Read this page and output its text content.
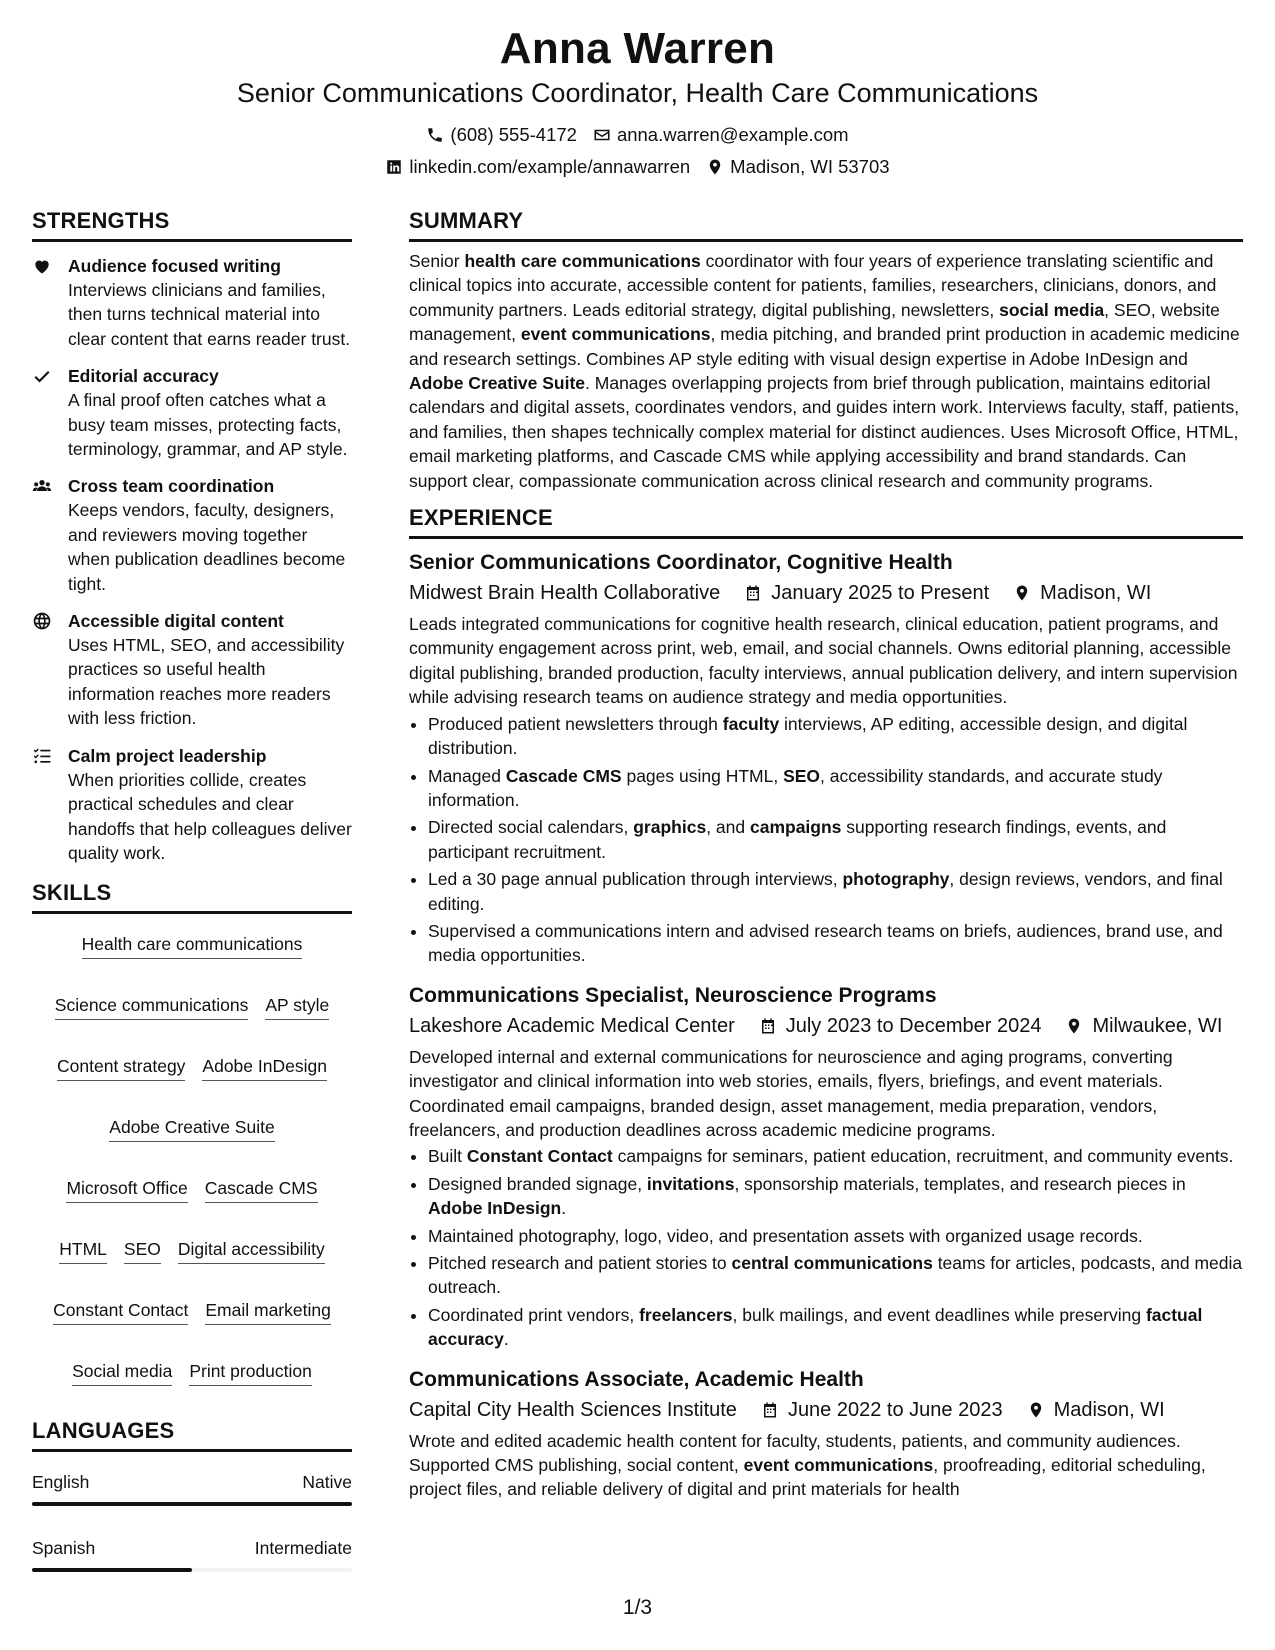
Anna Warren
Senior Communications Coordinator, Health Care Communications
(608) 555-4172 anna.warren@example.com
linkedin.com/example/annawarren Madison, WI 53703
STRENGTHS
Audience focused writing
Interviews clinicians and families, then turns technical material into clear content that earns reader trust.
Editorial accuracy
A final proof often catches what a busy team misses, protecting facts, terminology, grammar, and AP style.
Cross team coordination
Keeps vendors, faculty, designers, and reviewers moving together when publication deadlines become tight.
Accessible digital content
Uses HTML, SEO, and accessibility practices so useful health information reaches more readers with less friction.
Calm project leadership
When priorities collide, creates practical schedules and clear handoffs that help colleagues deliver quality work.
SKILLS
Health care communications
Science communications AP style
Content strategy Adobe InDesign
Adobe Creative Suite
Microsoft Office Cascade CMS
HTML SEO Digital accessibility
Constant Contact Email marketing
Social media Print production
LANGUAGES
English	Native
Spanish	Intermediate
SUMMARY
Senior health care communications coordinator with four years of experience translating scientific and clinical topics into accurate, accessible content for patients, families, researchers, clinicians, donors, and community partners. Leads editorial strategy, digital publishing, newsletters, social media, SEO, website management, event communications, media pitching, and branded print production in academic medicine and research settings. Combines AP style editing with visual design expertise in Adobe InDesign and Adobe Creative Suite. Manages overlapping projects from brief through publication, maintains editorial calendars and digital assets, coordinates vendors, and guides intern work. Interviews faculty, staff, patients, and families, then shapes technically complex material for distinct audiences. Uses Microsoft Office, HTML, email marketing platforms, and Cascade CMS while applying accessibility and brand standards. Can support clear, compassionate communication across clinical research and community programs.
EXPERIENCE
Senior Communications Coordinator, Cognitive Health
Midwest Brain Health Collaborative	January 2025 to Present	Madison, WI
Leads integrated communications for cognitive health research, clinical education, patient programs, and community engagement across print, web, email, and social channels. Owns editorial planning, accessible digital publishing, branded production, faculty interviews, annual publication delivery, and intern supervision while advising research teams on audience strategy and media opportunities.
• Produced patient newsletters through faculty interviews, AP editing, accessible design, and digital distribution.
• Managed Cascade CMS pages using HTML, SEO, accessibility standards, and accurate study information.
• Directed social calendars, graphics, and campaigns supporting research findings, events, and participant recruitment.
• Led a 30 page annual publication through interviews, photography, design reviews, vendors, and final editing.
• Supervised a communications intern and advised research teams on briefs, audiences, brand use, and media opportunities.
Communications Specialist, Neuroscience Programs
Lakeshore Academic Medical Center	July 2023 to December 2024	Milwaukee, WI
Developed internal and external communications for neuroscience and aging programs, converting investigator and clinical information into web stories, emails, flyers, briefings, and event materials. Coordinated email campaigns, branded design, asset management, media preparation, vendors, freelancers, and production deadlines across academic medicine programs.
• Built Constant Contact campaigns for seminars, patient education, recruitment, and community events.
• Designed branded signage, invitations, sponsorship materials, templates, and research pieces in Adobe InDesign.
• Maintained photography, logo, video, and presentation assets with organized usage records.
• Pitched research and patient stories to central communications teams for articles, podcasts, and media outreach.
• Coordinated print vendors, freelancers, bulk mailings, and event deadlines while preserving factual accuracy.
Communications Associate, Academic Health
Capital City Health Sciences Institute	June 2022 to June 2023	Madison, WI
Wrote and edited academic health content for faculty, students, patients, and community audiences. Supported CMS publishing, social content, event communications, proofreading, editorial scheduling, project files, and reliable delivery of digital and print materials for health
1/3
